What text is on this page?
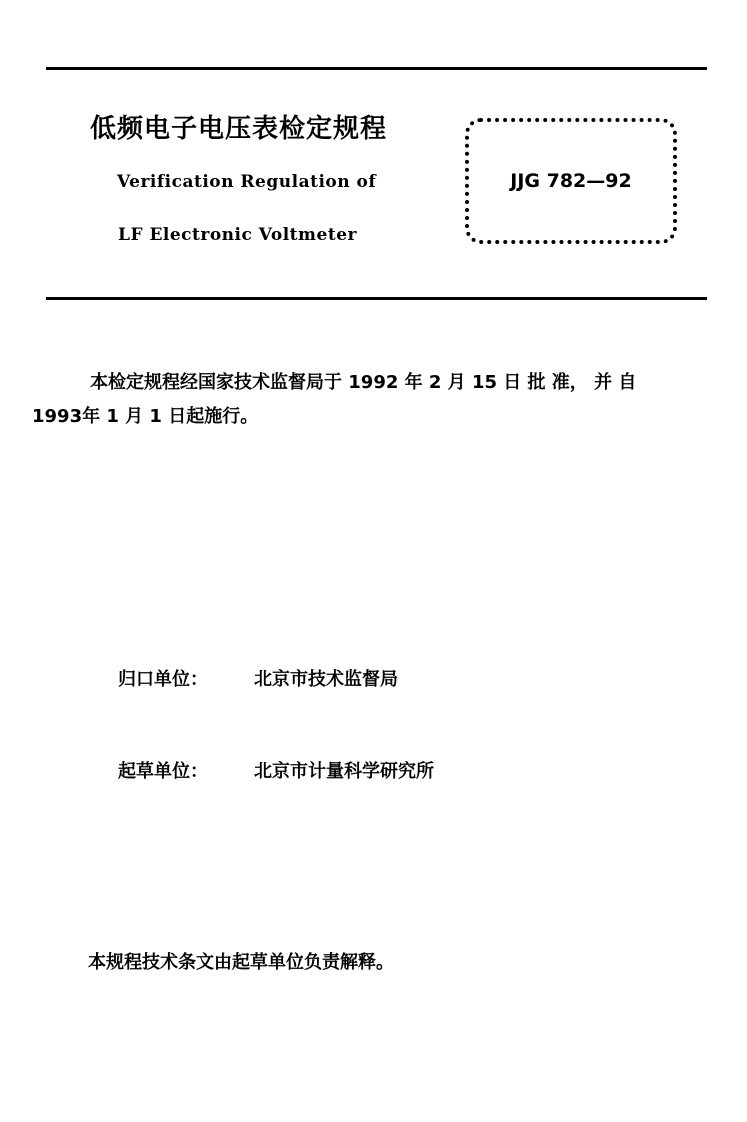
低频电子电压表检定规程
Verification Regulation of
LF Electronic Voltmeter
JJG 782—92
本检定规程经国家技术监督局于 1992 年 2 月 15 日 批 准， 并 自
1993年 1 月 1 日起施行。
归口单位：	北京市技术监督局
起草单位：	北京市计量科学研究所
本规程技术条文由起草单位负责解释。
